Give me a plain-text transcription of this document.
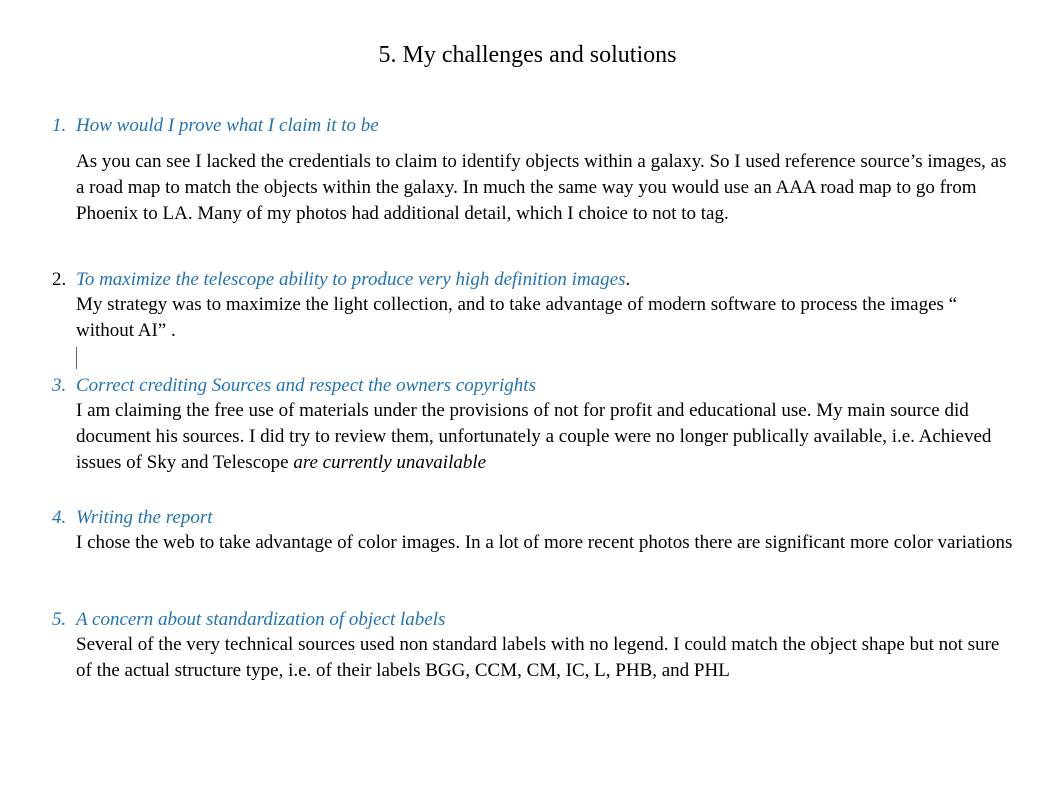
5. My challenges and solutions
1. How would I prove what I claim it to be
As you can see I lacked the credentials to claim to identify objects within a galaxy. So I used reference source’s images, as a road map to match the objects within the galaxy. In much the same way you would use an AAA road map to go from Phoenix to LA. Many of my photos had additional detail, which I choice to not to tag.
2. To maximize the telescope ability to produce very high definition images.
My strategy was to maximize the light collection, and to take advantage of modern software to process the images “ without AI” .
3. Correct crediting Sources and respect the owners copyrights
I am claiming the free use of materials under the provisions of not for profit and educational use. My main source did document his sources. I did try to review them, unfortunately a couple were no longer publically available, i.e. Achieved issues of Sky and Telescope are currently unavailable
4. Writing the report
I chose the web to take advantage of color images. In a lot of more recent photos there are significant more color variations
5. A concern about standardization of object labels
Several of the very technical sources used non standard labels with no legend. I could match the object shape but not sure of the actual structure type, i.e. of their labels BGG, CCM, CM, IC, L, PHB, and PHL
